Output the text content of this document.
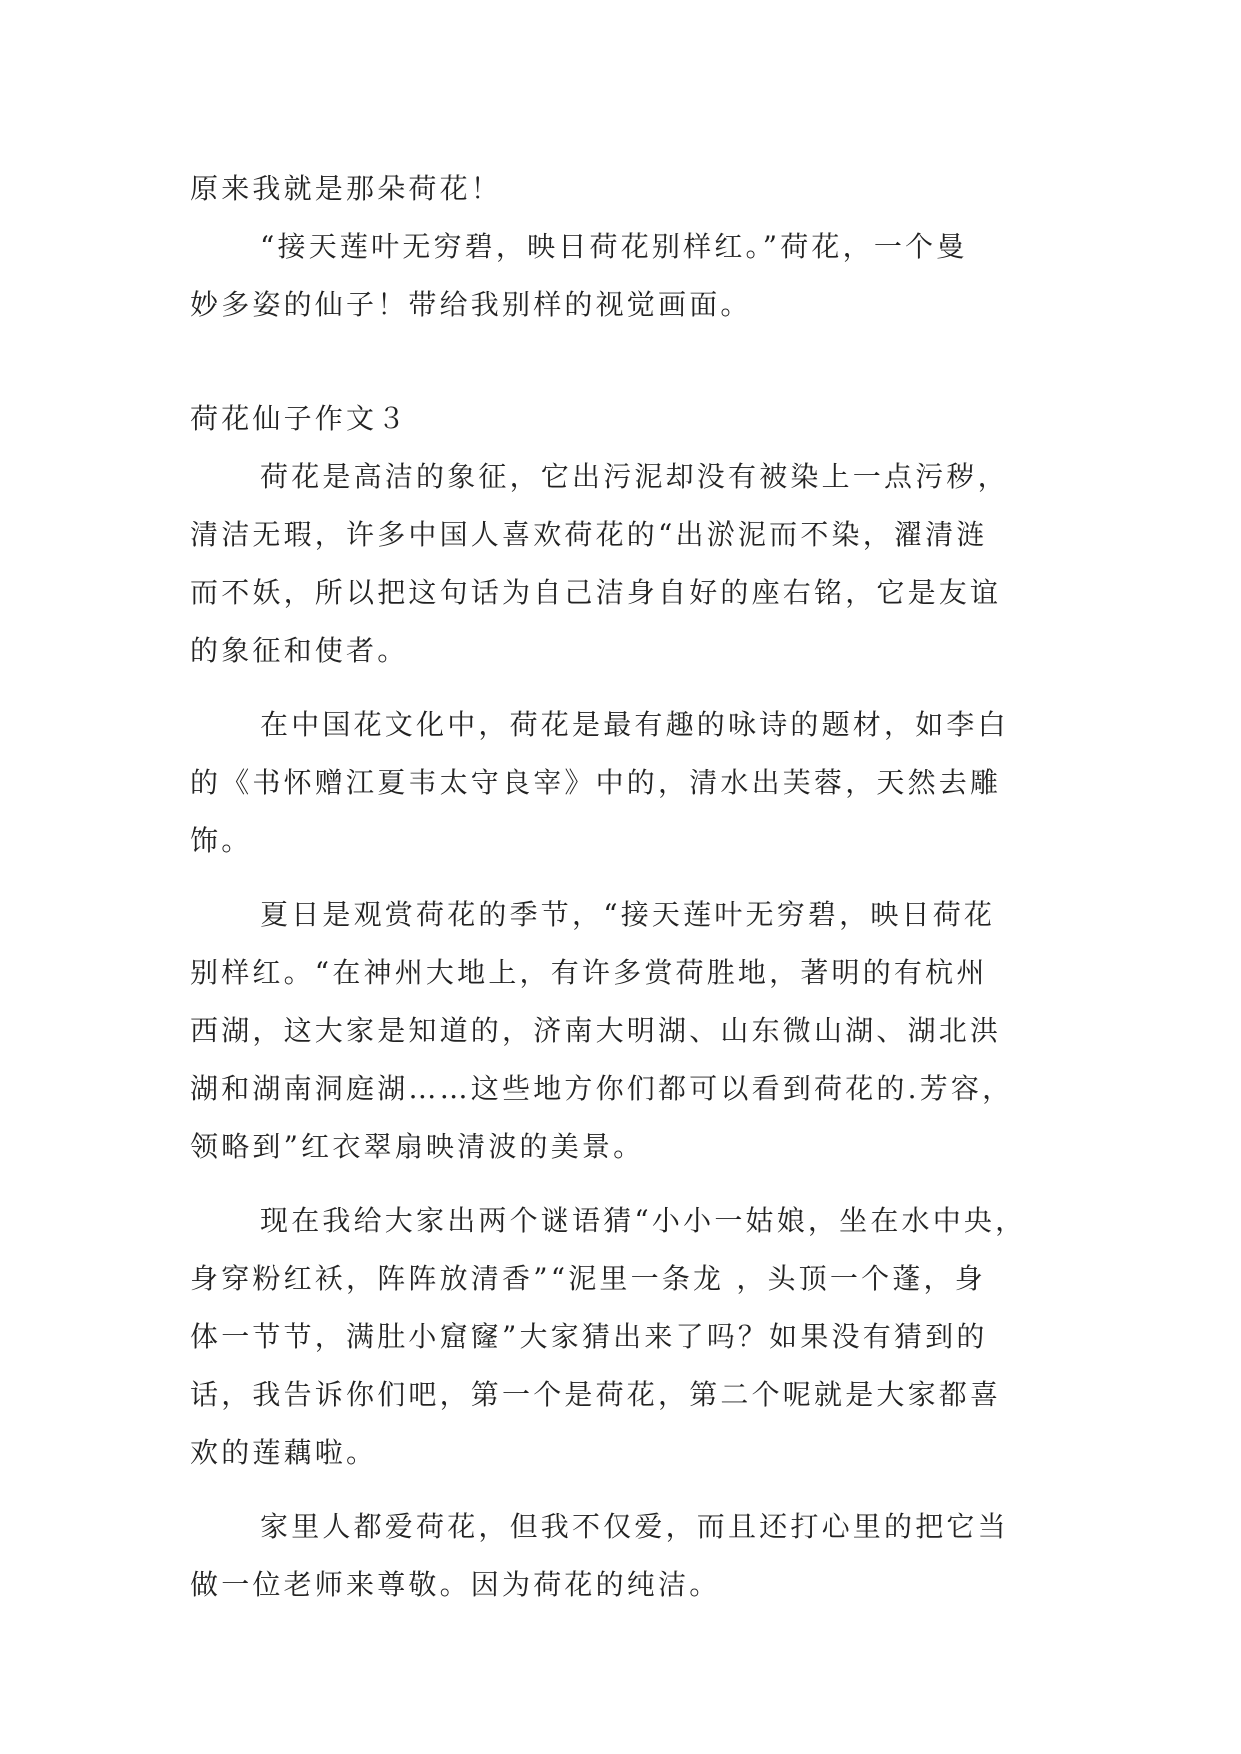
原来我就是那朵荷花！

“接天莲叶无穷碧，映日荷花别样红。”荷花，一个曼

妙多姿的仙子！带给我别样的视觉画面。

荷花仙子作文３

荷花是高洁的象征，它出污泥却没有被染上一点污秽，

清洁无瑕，许多中国人喜欢荷花的“出淤泥而不染，濯清涟

而不妖，所以把这句话为自己洁身自好的座右铭，它是友谊

的象征和使者。

在中国花文化中，荷花是最有趣的咏诗的题材，如李白

的《书怀赠江夏韦太守良宰》中的，清水出芙蓉，天然去雕

饰。

夏日是观赏荷花的季节，“接天莲叶无穷碧，映日荷花

别样红。“在神州大地上，有许多赏荷胜地，著明的有杭州

西湖，这大家是知道的，济南大明湖、山东微山湖、湖北洪

湖和湖南洞庭湖……这些地方你们都可以看到荷花的.芳容，

领略到”红衣翠扇映清波的美景。

现在我给大家出两个谜语猜“小小一姑娘，坐在水中央，

身穿粉红袄，阵阵放清香”“泥里一条龙 ，头顶一个蓬，身

体一节节，满肚小窟窿”大家猜出来了吗？如果没有猜到的

话，我告诉你们吧，第一个是荷花，第二个呢就是大家都喜

欢的莲藕啦。

家里人都爱荷花，但我不仅爱，而且还打心里的把它当

做一位老师来尊敬。因为荷花的纯洁。
